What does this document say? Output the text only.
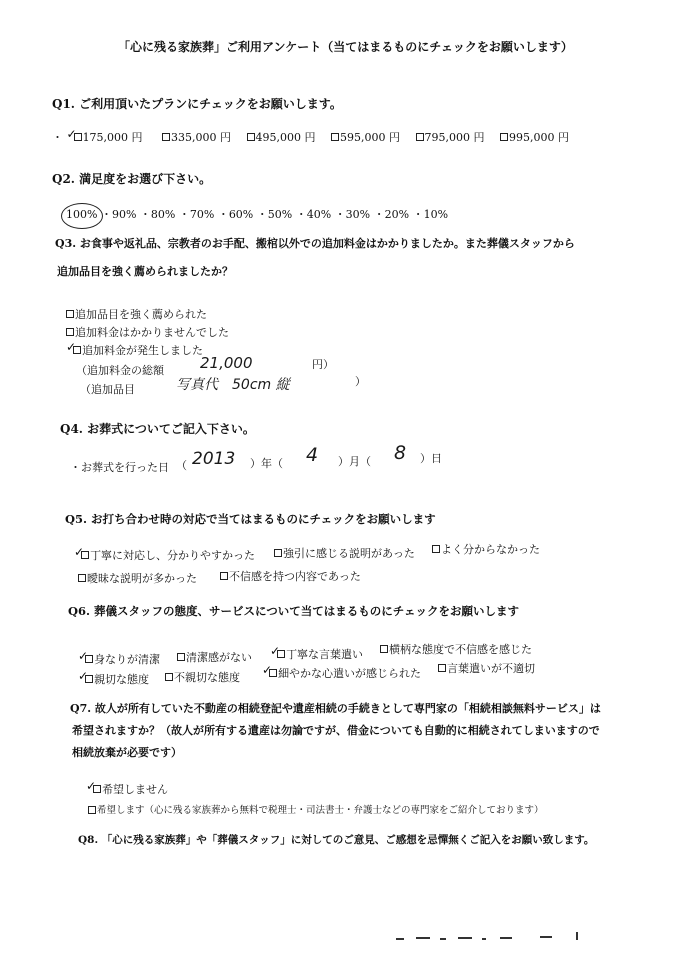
「心に残る家族葬」ご利用アンケート（当てはまるものにチェックをお願いします）
Q1. ご利用頂いたプランにチェックをお願いします。
・ ✓ 175,000 円	335,000 円 495,000 円 595,000 円 795,000 円 995,000 円
Q2. 満足度をお選び下さい。
100% ・90% ・80% ・70% ・60% ・50% ・40% ・30% ・20% ・10%
Q3. お食事や返礼品、宗教者のお手配、搬棺以外での追加料金はかかりましたか。また葬儀スタッフから
追加品目を強く薦められましたか？
追加品目を強く薦められた
追加料金はかかりませんでした
✓ 追加料金が発生しました
（追加料金の総額 21,000	円）
（追加品目	写真代　50cm 縦	）
Q4. お葬式についてご記入下さい。
・お葬式を行った日 （ 2013 ）年（ 4 ）月（ 8 ）日
Q5. お打ち合わせ時の対応で当てはまるものにチェックをお願いします
✓ 丁寧に対応し、分かりやすかった	強引に感じる説明があった	よく分からなかった
曖昧な説明が多かった	不信感を持つ内容であった
Q6. 葬儀スタッフの態度、サービスについて当てはまるものにチェックをお願いします
✓ 身なりが清潔	清潔感がない ✓ 丁寧な言葉遣い	横柄な態度で不信感を感じた
✓ 親切な態度	不親切な態度
✓ 細やかな心遣いが感じられた	言葉遣いが不適切
Q7. 故人が所有していた不動産の相続登記や遺産相続の手続きとして専門家の「相続相談無料サービス」は
希望されますか？（故人が所有する遺産は勿論ですが、借金についても自動的に相続されてしまいますので
相続放棄が必要です）
✓ 希望しません
希望します（心に残る家族葬から無料で税理士・司法書士・弁護士などの専門家をご紹介しております）
Q8. 「心に残る家族葬」や「葬儀スタッフ」に対してのご意見、ご感想を忌憚無くご記入をお願い致します。
